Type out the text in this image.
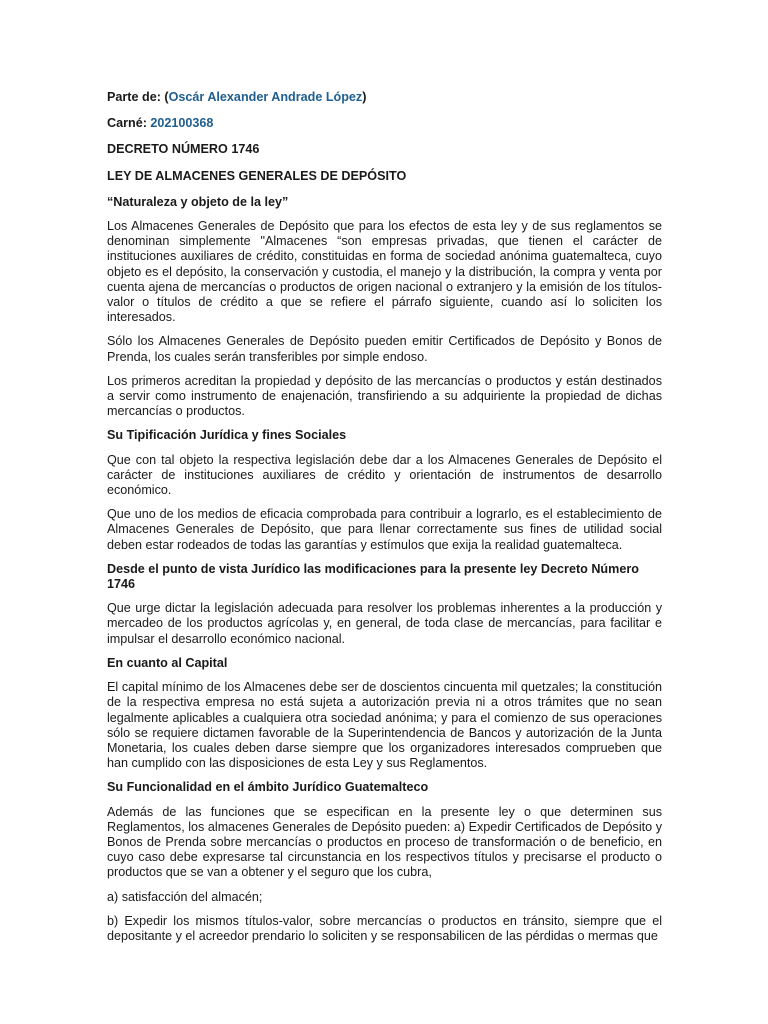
Parte de: (Oscár Alexander Andrade López)
Carné: 202100368
DECRETO NÚMERO 1746
LEY DE ALMACENES GENERALES DE DEPÓSITO
“Naturaleza y objeto de la ley”

Los Almacenes Generales de Depósito que para los efectos de esta ley y de sus reglamentos se denominan simplemente "Almacenes “son empresas privadas, que tienen el carácter de instituciones auxiliares de crédito, constituidas en forma de sociedad anónima guatemalteca, cuyo objeto es el depósito, la conservación y custodia, el manejo y la distribución, la compra y venta por cuenta ajena de mercancías o productos de origen nacional o extranjero y la emisión de los títulos-valor o títulos de crédito a que se refiere el párrafo siguiente, cuando así lo soliciten los interesados.

Sólo los Almacenes Generales de Depósito pueden emitir Certificados de Depósito y Bonos de Prenda, los cuales serán transferibles por simple endoso.

Los primeros acreditan la propiedad y depósito de las mercancías o productos y están destinados a servir como instrumento de enajenación, transfiriendo a su adquiriente la propiedad de dichas mercancías o productos.

Su Tipificación Jurídica y fines Sociales

Que con tal objeto la respectiva legislación debe dar a los Almacenes Generales de Depósito el carácter de instituciones auxiliares de crédito y orientación de instrumentos de desarrollo económico.

Que uno de los medios de eficacia comprobada para contribuir a lograrlo, es el establecimiento de Almacenes Generales de Depósito, que para llenar correctamente sus fines de utilidad social deben estar rodeados de todas las garantías y estímulos que exija la realidad guatemalteca.

Desde el punto de vista Jurídico las modificaciones para la presente ley Decreto Número 1746

Que urge dictar la legislación adecuada para resolver los problemas inherentes a la producción y mercadeo de los productos agrícolas y, en general, de toda clase de mercancías, para facilitar e impulsar el desarrollo económico nacional.

En cuanto al Capital

El capital mínimo de los Almacenes debe ser de doscientos cincuenta mil quetzales; la constitución de la respectiva empresa no está sujeta a autorización previa ni a otros trámites que no sean legalmente aplicables a cualquiera otra sociedad anónima; y para el comienzo de sus operaciones sólo se requiere dictamen favorable de la Superintendencia de Bancos y autorización de la Junta Monetaria, los cuales deben darse siempre que los organizadores interesados comprueben que han cumplido con las disposiciones de esta Ley y sus Reglamentos.

Su Funcionalidad en el ámbito Jurídico Guatemalteco

Además de las funciones que se especifican en la presente ley o que determinen sus Reglamentos, los almacenes Generales de Depósito pueden: a) Expedir Certificados de Depósito y Bonos de Prenda sobre mercancías o productos en proceso de transformación o de beneficio, en cuyo caso debe expresarse tal circunstancia en los respectivos títulos y precisarse el producto o productos que se van a obtener y el seguro que los cubra,

a) satisfacción del almacén;

b) Expedir los mismos títulos-valor, sobre mercancías o productos en tránsito, siempre que el depositante y el acreedor prendario lo soliciten y se responsabilicen de las pérdidas o mermas que
